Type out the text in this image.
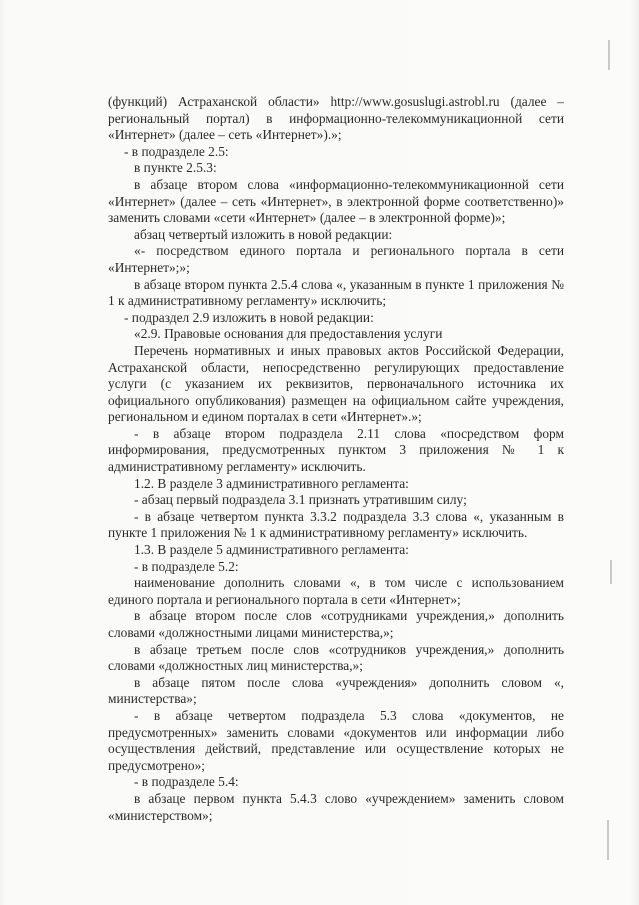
(функций) Астраханской области» http://www.gosuslugi.astrobl.ru (далее – региональный портал) в информационно-телекоммуникационной сети «Интернет» (далее – сеть «Интернет»).»;

- в подразделе 2.5:

в пункте 2.5.3:

в абзаце втором слова «информационно-телекоммуникационной сети «Интернет» (далее – сеть «Интернет», в электронной форме соответственно)» заменить словами «сети «Интернет» (далее – в электронной форме)»;

абзац четвертый изложить в новой редакции:

«- посредством единого портала и регионального портала в сети «Интернет»;»;

в абзаце втором пункта 2.5.4 слова «, указанным в пункте 1 приложения № 1 к административному регламенту» исключить;

- подраздел 2.9 изложить в новой редакции:

«2.9. Правовые основания для предоставления услуги

Перечень нормативных и иных правовых актов Российской Федерации, Астраханской области, непосредственно регулирующих предоставление услуги (с указанием их реквизитов, первоначального источника их официального опубликования) размещен на официальном сайте учреждения, региональном и едином порталах в сети «Интернет».»;

- в абзаце втором подраздела 2.11 слова «посредством форм информирования, предусмотренных пунктом 3 приложения № 1 к административному регламенту» исключить.

1.2. В разделе 3 административного регламента:

- абзац первый подраздела 3.1 признать утратившим силу;

- в абзаце четвертом пункта 3.3.2 подраздела 3.3 слова «, указанным в пункте 1 приложения № 1 к административному регламенту» исключить.

1.3. В разделе 5 административного регламента:

- в подразделе 5.2:

наименование дополнить словами «, в том числе с использованием единого портала и регионального портала в сети «Интернет»;

в абзаце втором после слов «сотрудниками учреждения,» дополнить словами «должностными лицами министерства,»;

в абзаце третьем после слов «сотрудников учреждения,» дополнить словами «должностных лиц министерства,»;

в абзаце пятом после слова «учреждения» дополнить словом «, министерства»;

- в абзаце четвертом подраздела 5.3 слова «документов, не предусмотренных» заменить словами «документов или информации либо осуществления действий, представление или осуществление которых не предусмотрено»;

- в подразделе 5.4:

в абзаце первом пункта 5.4.3 слово «учреждением» заменить словом «министерством»;
